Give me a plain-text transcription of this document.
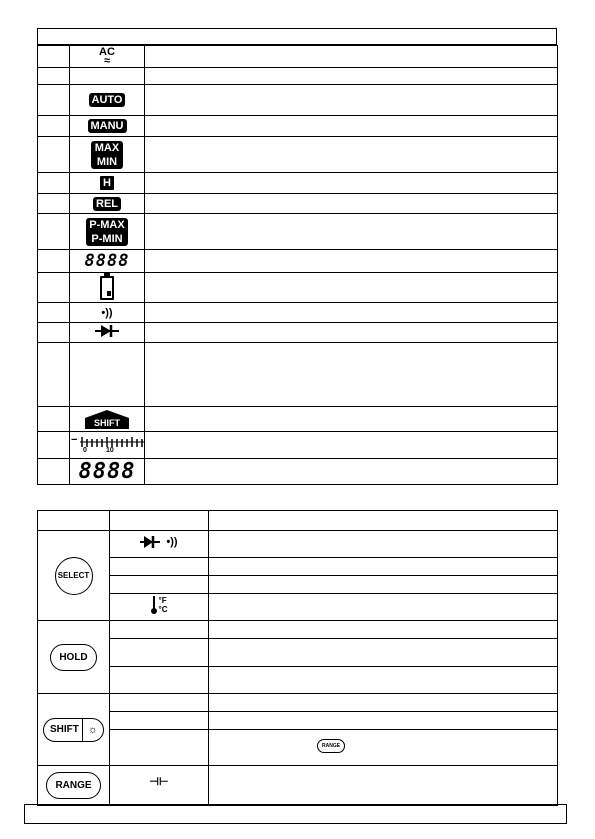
	AC
≈	

	AUTO	
	MANU	
	MAX
MIN	
	H	
	REL	
	P-MAX
P-MIN	
	8888	

	•))	

	SHIFT	

	−
0 10	

	8888	

SELECT	•))	

	°F
°C	

HOLD		

SHIFT ☼		

		RANGE

RANGE	⊣⊢	
